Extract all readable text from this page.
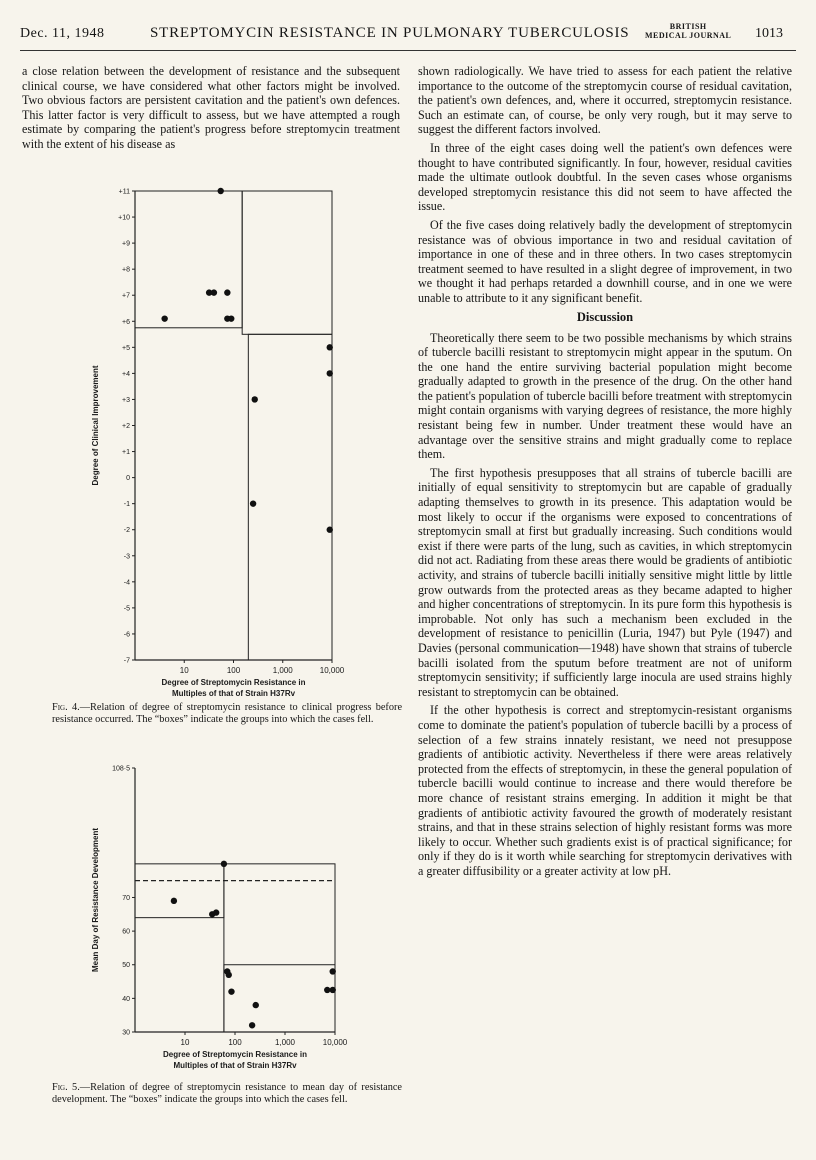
Dec. 11, 1948	STREPTOMYCIN RESISTANCE IN PULMONARY TUBERCULOSIS	BRITISH
MEDICAL JOURNAL 1013

a close relation between the development of resistance and the subsequent clinical course, we have considered what other factors might be involved. Two obvious factors are persistent cavitation and the patient's own defences. This latter factor is very difficult to assess, but we have attempted a rough estimate by comparing the patient's progress before streptomycin treatment with the extent of his disease as

-7
-6
-5
-4
-3
-2
-1
0
+1
+2
+3
+4
+5
+6
+7
+8
+9
+10
+11
10	100	1,000	10,000
Degree of Clinical Improvement
Degree of Streptomycin Resistance in
Multiples of that of Strain H37Rv
Fig. 4.—Relation of degree of streptomycin resistance to clinical progress before resistance occurred. The “boxes” indicate the groups into which the cases fell.
30
40
50
60
70
108·5
10	100	1,000	10,000
Mean Day of Resistance Development
Degree of Streptomycin Resistance in
Multiples of that of Strain H37Rv
Fig. 5.—Relation of degree of streptomycin resistance to mean day of resistance development. The “boxes” indicate the groups into which the cases fell.

shown radiologically. We have tried to assess for each patient the relative importance to the outcome of the streptomycin course of residual cavitation, the patient's own defences, and, where it occurred, streptomycin resistance. Such an estimate can, of course, be only very rough, but it may serve to suggest the different factors involved.

In three of the eight cases doing well the patient's own defences were thought to have contributed significantly. In four, however, residual cavities made the ultimate outlook doubtful. In the seven cases whose organisms developed streptomycin resistance this did not seem to have affected the issue.

Of the five cases doing relatively badly the development of streptomycin resistance was of obvious importance in two and residual cavitation of importance in one of these and in three others. In two cases streptomycin treatment seemed to have resulted in a slight degree of improvement, in two we thought it had perhaps retarded a downhill course, and in one we were unable to attribute to it any significant benefit.

Discussion

Theoretically there seem to be two possible mechanisms by which strains of tubercle bacilli resistant to streptomycin might appear in the sputum. On the one hand the entire surviving bacterial population might become gradually adapted to growth in the presence of the drug. On the other hand the patient's population of tubercle bacilli before treatment with streptomycin might contain organisms with varying degrees of resistance, the more highly resistant being few in number. Under treatment these would have an advantage over the sensitive strains and might gradually come to replace them.

The first hypothesis presupposes that all strains of tubercle bacilli are initially of equal sensitivity to streptomycin but are capable of gradually adapting themselves to growth in its presence. This adaptation would be most likely to occur if the organisms were exposed to concentrations of streptomycin small at first but gradually increasing. Such conditions would exist if there were parts of the lung, such as cavities, in which streptomycin did not act. Radiating from these areas there would be gradients of antibiotic activity, and strains of tubercle bacilli initially sensitive might little by little grow outwards from the protected areas as they became adapted to higher and higher concentrations of streptomycin. In its pure form this hypothesis is improbable. Not only has such a mechanism been excluded in the development of resistance to penicillin (Luria, 1947) but Pyle (1947) and Davies (personal communication—1948) have shown that strains of tubercle bacilli isolated from the sputum before treatment are not of uniform streptomycin sensitivity; if sufficiently large inocula are used strains highly resistant to streptomycin can be obtained.

If the other hypothesis is correct and streptomycin-resistant organisms come to dominate the patient's population of tubercle bacilli by a process of selection of a few strains innately resistant, we need not presuppose gradients of antibiotic activity. Nevertheless if there were areas relatively protected from the effects of streptomycin, in these the general population of tubercle bacilli would continue to increase and there would therefore be more chance of resistant strains emerging. In addition it might be that gradients of antibiotic activity favoured the growth of moderately resistant strains, and that in these strains selection of highly resistant forms was more likely to occur. Whether such gradients exist is of practical significance; for only if they do is it worth while searching for streptomycin derivatives with a greater diffusibility or a greater activity at low pH.
